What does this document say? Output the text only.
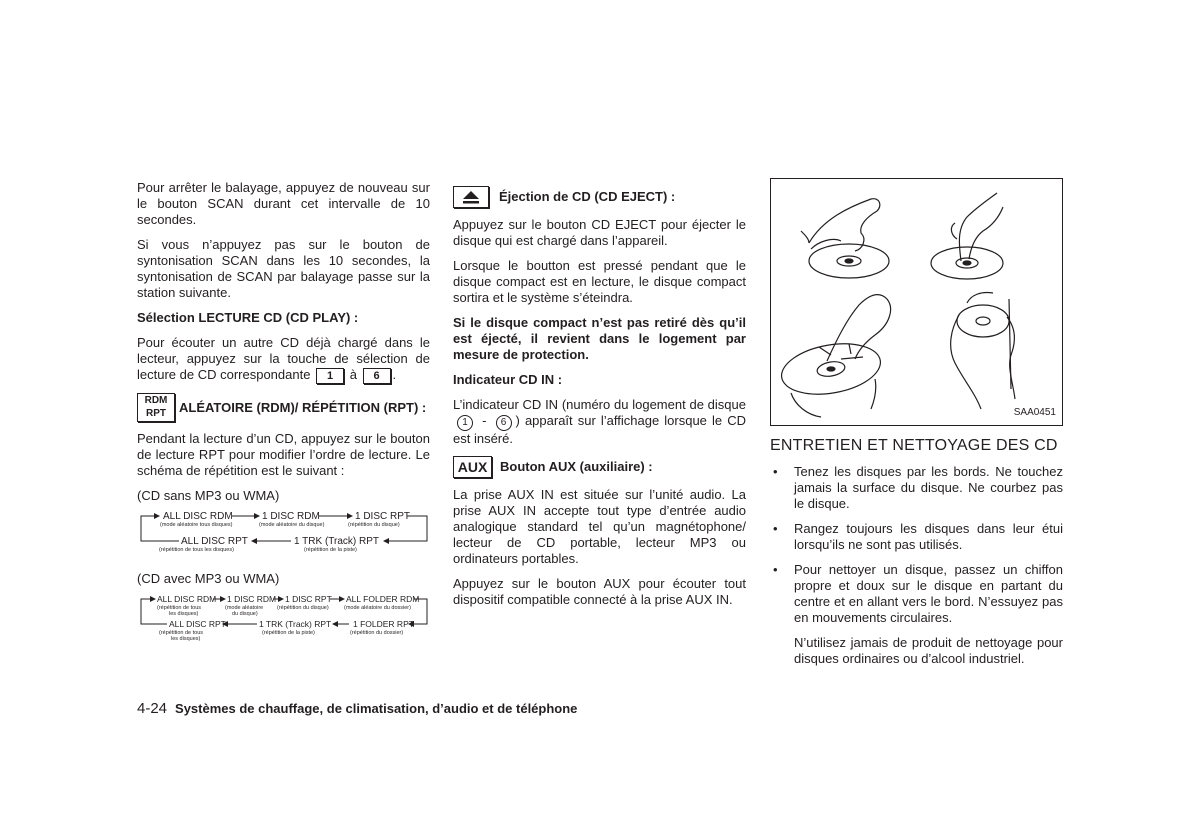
Pour arrêter le balayage, appuyez de nouveau sur le bouton SCAN durant cet intervalle de 10 secondes.

Si vous n’appuyez pas sur le bouton de syntonisation SCAN dans les 10 secondes, la syntonisation de SCAN par balayage passe sur la station suivante.

Sélection LECTURE CD (CD PLAY) :

Pour écouter un autre CD déjà chargé dans le lecteur, appuyez sur la touche de sélection de lecture de CD correspondante 1 à 6 .

RDM
RPT ALÉATOIRE (RDM)/ RÉPÉTITION (RPT) :

Pendant la lecture d’un CD, appuyez sur le bouton de lecture RPT pour modifier l’ordre de lecture. Le schéma de répétition est le suivant :

(CD sans MP3 ou WMA)

ALL DISC RDM
(mode aléatoire tous disques)
1 DISC RDM
(mode aléatoire du disque)
1 DISC RPT
(répétition du disque)
ALL DISC RPT
(répétition de tous les disques)
1 TRK (Track) RPT
(répétition de la piste)

(CD avec MP3 ou WMA)

ALL DISC RDM
(répétition de tous
les disques)
1 DISC RDM
(mode aléatoire
du disque)
1 DISC RPT
(répétition du disque)
ALL FOLDER RDM
(mode aléatoire du dossier)
ALL DISC RPT
(répétition de tous
les disques)
1 TRK (Track) RPT
(répétition de la piste)
1 FOLDER RPT
(répétition du dossier)
Éjection de CD (CD EJECT) :

Appuyez sur le bouton CD EJECT pour éjecter le disque qui est chargé dans l’appareil.

Lorsque le boutton est pressé pendant que le disque compact est en lecture, le disque compact sortira et le système s’éteindra.

Si le disque compact n’est pas retiré dès qu’il est éjecté, il revient dans le logement par mesure de protection.

Indicateur CD IN :

L’indicateur CD IN (numéro du logement de disque 1 - 6 ) apparaît sur l’affichage lorsque le CD est inséré.

AUX Bouton AUX (auxiliaire) :

La prise AUX IN est située sur l’unité audio. La prise AUX IN accepte tout type d’entrée audio analogique standard tel qu’un magnétophone/ lecteur de CD portable, lecteur MP3 ou ordinateurs portables.

Appuyez sur le bouton AUX pour écouter tout dispositif compatible connecté à la prise AUX IN.

SAA0451
ENTRETIEN ET NETTOYAGE DES CD
• Tenez les disques par les bords. Ne touchez jamais la surface du disque. Ne courbez pas le disque.
• Rangez toujours les disques dans leur étui lorsqu’ils ne sont pas utilisés.
• Pour nettoyer un disque, passez un chiffon propre et doux sur le disque en partant du centre et en allant vers le bord. N’essuyez pas en mouvements circulaires.

N’utilisez jamais de produit de nettoyage pour disques ordinaires ou d’alcool industriel.

4-24 Systèmes de chauffage, de climatisation, d’audio et de téléphone
